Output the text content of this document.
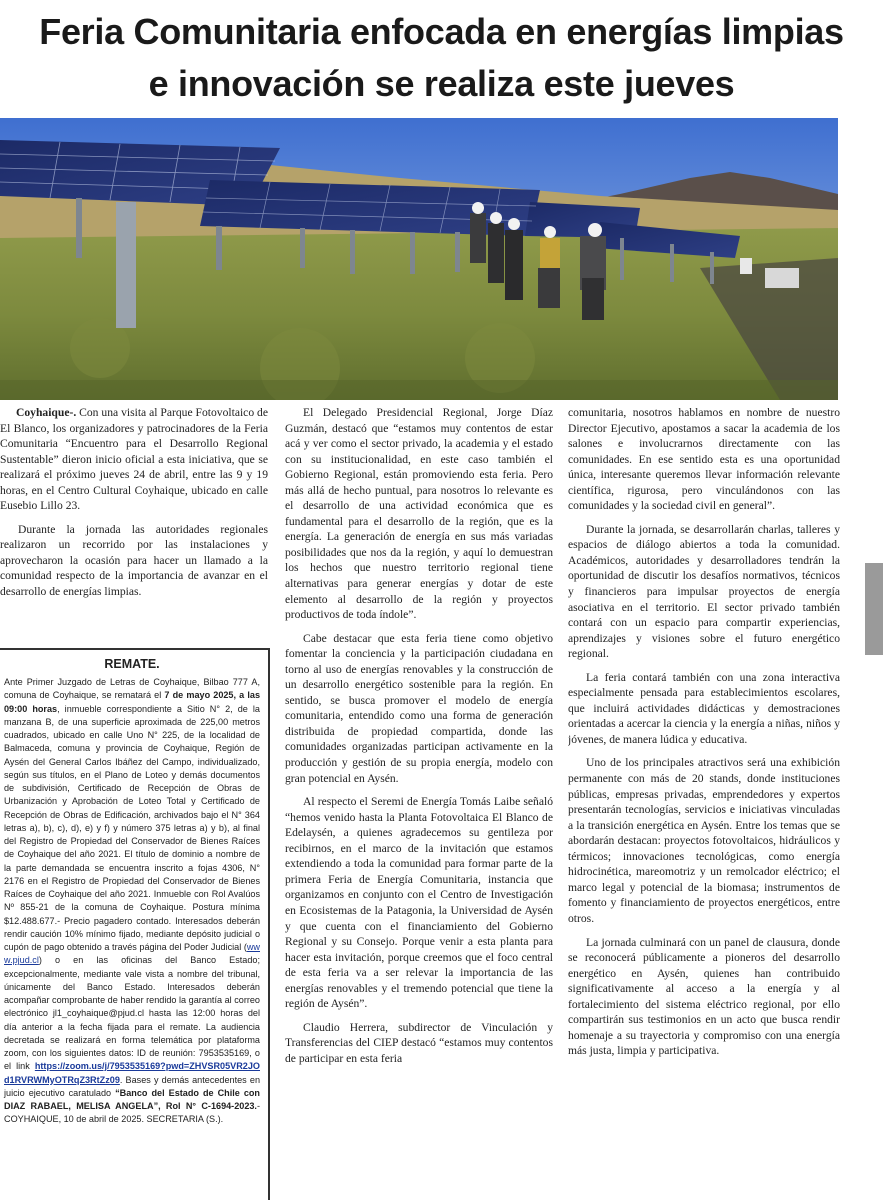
Feria Comunitaria enfocada en energías limpias
e innovación se realiza este jueves

Coyhaique-. Con una visita al Parque Fotovoltaico de El Blanco, los organizadores y patrocinadores de la Feria Comunitaria “Encuentro para el Desarrollo Regional Sustentable” dieron inicio oficial a esta iniciativa, que se realizará el próximo jueves 24 de abril, entre las 9 y 19 horas, en el Centro Cultural Coyhaique, ubicado en calle Eusebio Lillo 23.

Durante la jornada las autoridades regionales realizaron un recorrido por las instalaciones y aprovecharon la ocasión para hacer un llamado a la comunidad respecto de la importancia de avanzar en el desarrollo de energías limpias.

El Delegado Presidencial Regional, Jorge Díaz Guzmán, destacó que “estamos muy contentos de estar acá y ver como el sector privado, la academia y el estado con su institucionalidad, en este caso también el Gobierno Regional, están promoviendo esta feria. Pero más allá de hecho puntual, para nosotros lo relevante es el desarrollo de una actividad económica que es fundamental para el desarrollo de la región, que es la energía. La generación de energía en sus más variadas posibilidades que nos da la región, y aquí lo demuestran los hechos que nuestro territorio regional tiene alternativas para generar energías y dotar de este elemento al desarrollo de la región y proyectos productivos de toda índole”.

Cabe destacar que esta feria tiene como objetivo fomentar la conciencia y la participación ciudadana en torno al uso de energías renovables y la construcción de un desarrollo energético sostenible para la región. En sentido, se busca promover el modelo de energía comunitaria, entendido como una forma de generación distribuida de propiedad compartida, donde las comunidades organizadas participan activamente en la producción y gestión de su propia energía, modelo con gran potencial en Aysén.

Al respecto el Seremi de Energía Tomás Laibe señaló “hemos venido hasta la Planta Fotovoltaica El Blanco de Edelaysén, a quienes agradecemos su gentileza por recibirnos, en el marco de la invitación que estamos extendiendo a toda la comunidad para formar parte de la primera Feria de Energía Comunitaria, instancia que organizamos en conjunto con el Centro de Investigación en Ecosistemas de la Patagonia, la Universidad de Aysén y que cuenta con el financiamiento del Gobierno Regional y su Consejo. Porque venir a esta planta para hacer esta invitación, porque creemos que el foco central de esta feria va a ser relevar la importancia de las energías renovables y el tremendo potencial que tiene la región de Aysén”.

Claudio Herrera, subdirector de Vinculación y Transferencias del CIEP destacó “estamos muy contentos de participar en esta feria

comunitaria, nosotros hablamos en nombre de nuestro Director Ejecutivo, apostamos a sacar la academia de los salones e involucrarnos directamente con las comunidades. En ese sentido esta es una oportunidad única, interesante queremos llevar información relevante científica, rigurosa, pero vinculándonos con las comunidades y la sociedad civil en general”.

Durante la jornada, se desarrollarán charlas, talleres y espacios de diálogo abiertos a toda la comunidad. Académicos, autoridades y desarrolladores tendrán la oportunidad de discutir los desafíos normativos, técnicos y financieros para impulsar proyectos de energía asociativa en el territorio. El sector privado también contará con un espacio para compartir experiencias, aprendizajes y visiones sobre el futuro energético regional.

La feria contará también con una zona interactiva especialmente pensada para establecimientos escolares, que incluirá actividades didácticas y demostraciones orientadas a acercar la ciencia y la energía a niñas, niños y jóvenes, de manera lúdica y educativa.

Uno de los principales atractivos será una exhibición permanente con más de 20 stands, donde instituciones públicas, empresas privadas, emprendedores y expertos presentarán tecnologías, servicios e iniciativas vinculadas a la transición energética en Aysén. Entre los temas que se abordarán destacan: proyectos fotovoltaicos, hidráulicos y térmicos; innovaciones tecnológicas, como energía hidrocinética, mareomotriz y un remolcador eléctrico; el marco legal y potencial de la biomasa; instrumentos de fomento y financiamiento de proyectos energéticos, entre otros.

La jornada culminará con un panel de clausura, donde se reconocerá públicamente a pioneros del desarrollo energético en Aysén, quienes han contribuido significativamente al acceso a la energía y al fortalecimiento del sistema eléctrico regional, por ello compartirán sus testimonios en un acto que busca rendir homenaje a su trayectoria y compromiso con una energía más justa, limpia y participativa.

REMATE.

Ante Primer Juzgado de Letras de Coyhaique, Bilbao 777 A, comuna de Coyhaique, se rematará el 7 de mayo 2025, a las 09:00 horas, inmueble correspondiente a Sitio N° 2, de la manzana B, de una superficie aproximada de 225,00 metros cuadrados, ubicado en calle Uno N° 225, de la localidad de Balmaceda, comuna y provincia de Coyhaique, Región de Aysén del General Carlos Ibáñez del Campo, individualizado, según sus títulos, en el Plano de Loteo y demás documentos de subdivisión, Certificado de Recepción de Obras de Urbanización y Aprobación de Loteo Total y Certificado de Recepción de Obras de Edificación, archivados bajo el N° 364 letras a), b), c), d), e) y f) y número 375 letras a) y b), al final del Registro de Propiedad del Conservador de Bienes Raíces de Coyhaique del año 2021. El título de dominio a nombre de la parte demandada se encuentra inscrito a fojas 4306, N° 2176 en el Registro de Propiedad del Conservador de Bienes Raíces de Coyhaique del año 2021. Inmueble con Rol Avalúos Nº 855-21 de la comuna de Coyhaique. Postura mínima $12.488.677.- Precio pagadero contado. Interesados deberán rendir caución 10% mínimo fijado, mediante depósito judicial o cupón de pago obtenido a través página del Poder Judicial (www.pjud.cl) o en las oficinas del Banco Estado; excepcionalmente, mediante vale vista a nombre del tribunal, únicamente del Banco Estado. Interesados deberán acompañar comprobante de haber rendido la garantía al correo electrónico jl1_coyhaique@pjud.cl hasta las 12:00 horas del día anterior a la fecha fijada para el remate. La audiencia decretada se realizará en forma telemática por plataforma zoom, con los siguientes datos: ID de reunión: 7953535169, o el link https://zoom.us/j/7953535169?pwd=ZHVSR05VR2JOd1RVRWMyOTRqZ3RtZz09. Bases y demás antecedentes en juicio ejecutivo caratulado “Banco del Estado de Chile con DIAZ RABAEL, MELISA ANGELA”, Rol N° C-1694-2023.- COYHAIQUE, 10 de abril de 2025. SECRETARIA (S.).
